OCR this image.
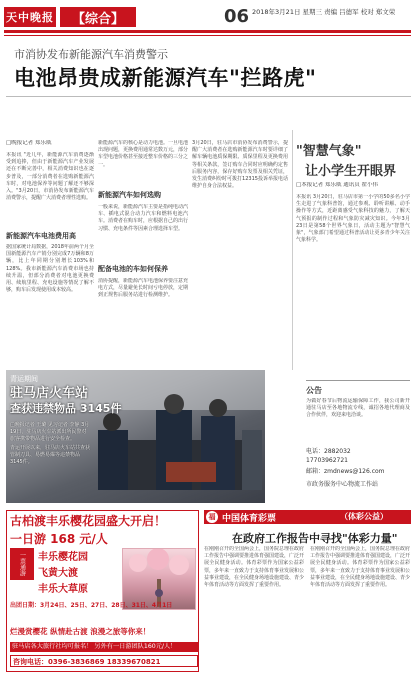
天中晚报	【综合】	06 2018年3月21日 星期三 责编 吕德军 校对 郑文荣
市消协发布新能源汽车消费警示
电池昂贵成新能源汽车"拦路虎"
□晚报记者 郑乐威
本报讯 "近几年，新能源汽车消费逐渐受到追捧，但由于新能源汽车产业发展还在不断完善中，相关消费知识也在逐步普及，一部分消费者在选购新能源汽车时，对电池保养等问题了解还不够深入。"3月20日，市消协发布新能源汽车消费警示，提醒广大消费者理性选购。
新能源汽车电池费用高
据国家统计局数据，2018年前两个月全国新能源汽车产销分别完成7万辆和8万辆，比上年同期分别增长103%和128%。我市新能源汽车消费市场也持续升温，但部分消费者对电池更换费用、续航里程、充电设施等情况了解不够，购车后发现使用成本较高。
新能源汽车的核心是动力电池。一旦电池出现问题，更换费用通常达数万元，部分车型电池价格甚至接近整车价格的三分之一。
新能源汽车如何选购
一般来说，新能源汽车主要是指纯电动汽车、插电式混合动力汽车和燃料电池汽车。消费者在购车时，应根据自己的出行习惯、充电条件等因素合理选择车型。
配备电池的车如何保养
消协提醒，新能源汽车电池保养要注意充电方式，尽量避免长时间亏电停放，定期到正规售后服务站进行检测维护。
3月20日，驻马店市消协发布消费警示，提醒广大消费者在选购新能源汽车时要详细了解车辆电池质保期限、质保里程及更换费用等相关条款，签订购车合同时应明确约定售后服务内容，保存好购车发票及相关凭证，发生消费纠纷时可拨打12315投诉举报电话维护自身合法权益。
"智慧气象"
让小学生开眼界
□本报记者 郑乐威 通讯员 翟小伟
本报讯 3月20日，驻马店市第一小学的50多名小学生走进了气象科普馆，通过参观、聆听讲解、动手操作等方式，近距离感受气象科技的魅力，了解天气预报的制作过程和气象防灾减灾知识。今年3月23日是第58个世界气象日，活动主题为"智慧气象"，气象部门希望通过科普活动让更多青少年关注气象科学。
青运期间
驻马店火车站
查获违禁物品 3145件
□晚报记者 王璐 见习记者 李静 3月19日，驻马店火车站派出所民警对旅客携带物品进行安全检查。
青运开展以来，驻马店火车站共查获管制刀具、易燃易爆等违禁物品3145件。
公告
为做好春节后物流运输保障工作，我公司新开通驻马店至各地物流专线，诚招各地代理商及合作伙伴，欢迎来电洽谈。
电话：2882032
17703962721
邮箱：zmdnews@126.com
市政务服务中心物流工作站
古柏渡丰乐樱花园盛大开启！
一日游 168 元/人
一票通游	丰乐樱花园
飞黄大渡
丰乐大草原
出团日期：3月24日、25日、27日、28日、31日、4月1日
烂漫赏樱花 纵情赴古渡 浪漫之旅等你来！
驻马店各大旅行社均可报名！ 另外有一日游团队160元/人！
咨询电话：0396-3836869 18339670821
福 中国体育彩票	（体彩公益）
在政府工作报告中寻找"体彩力量"
在刚刚召开的全国两会上，国务院总理在政府工作报告中强调要推进体育强国建设，广泛开展全民健身活动。体育彩票作为国家公益彩票，多年来一直致力于支持体育事业发展和公益事业建设，在全民健身场地设施建设、青少年体育活动等方面发挥了重要作用。
在刚刚召开的全国两会上，国务院总理在政府工作报告中强调要推进体育强国建设，广泛开展全民健身活动。体育彩票作为国家公益彩票，多年来一直致力于支持体育事业发展和公益事业建设，在全民健身场地设施建设、青少年体育活动等方面发挥了重要作用。
